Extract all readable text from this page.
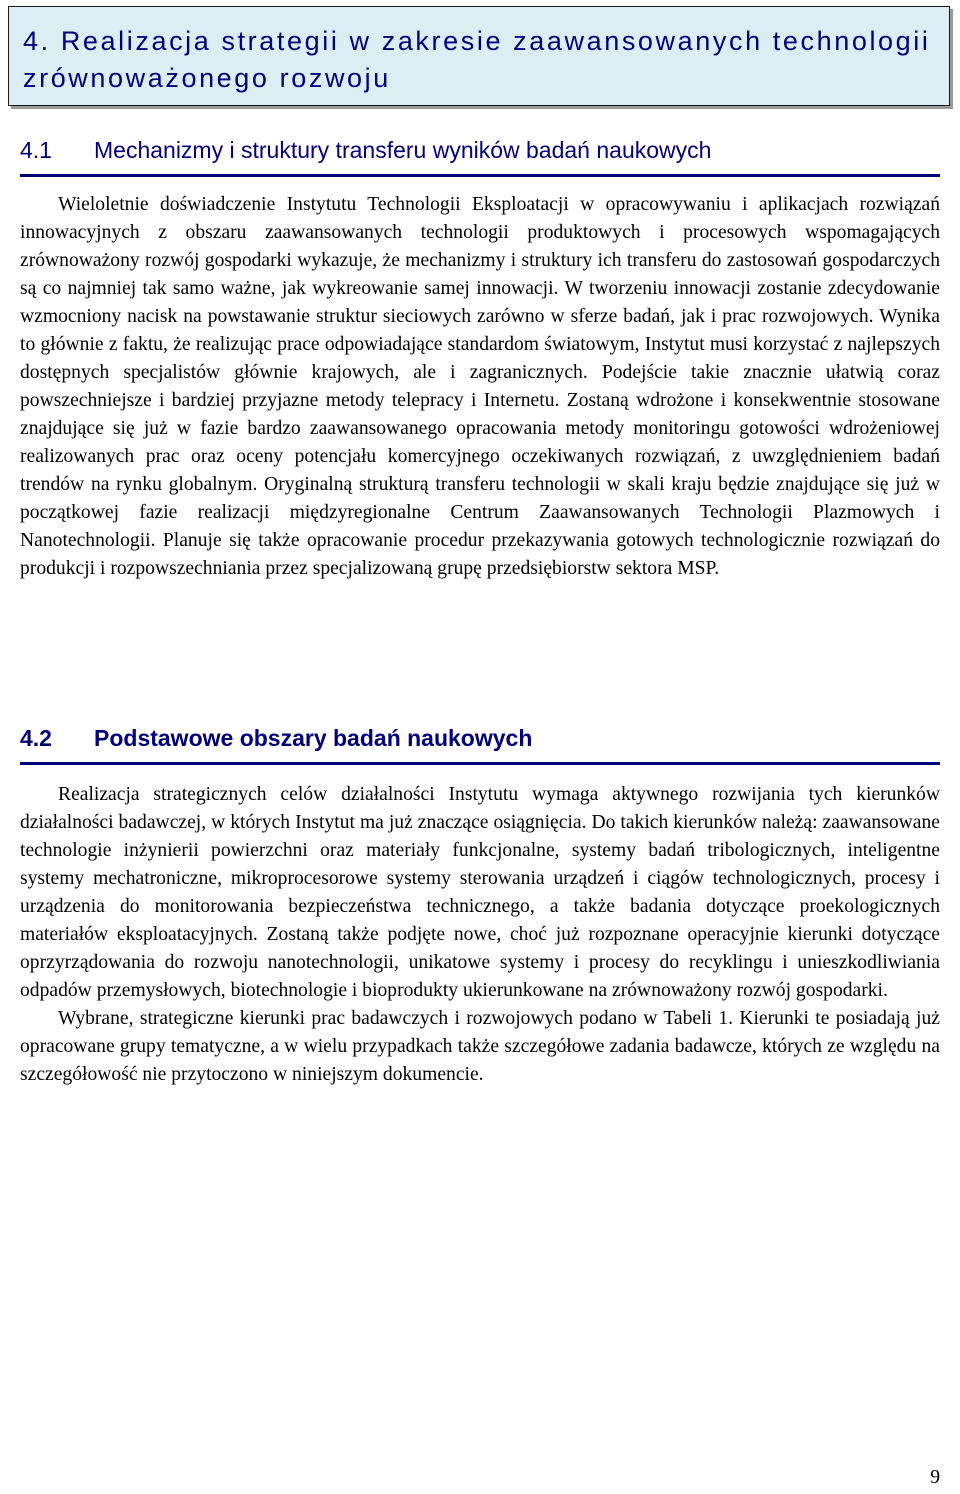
4. Realizacja strategii w zakresie zaawansowanych technologii zrównoważonego rozwoju
4.1	Mechanizmy i struktury transferu wyników badań naukowych

Wieloletnie doświadczenie Instytutu Technologii Eksploatacji w opracowywaniu i aplikacjach rozwiązań innowacyjnych z obszaru zaawansowanych technologii produktowych i procesowych wspomagających zrównoważony rozwój gospodarki wykazuje, że mechanizmy i struktury ich transferu do zastosowań gospodarczych są co najmniej tak samo ważne, jak wykreowanie samej innowacji. W tworzeniu innowacji zostanie zdecydowanie wzmocniony nacisk na powstawanie struktur sieciowych zarówno w sferze badań, jak i prac rozwojowych. Wynika to głównie z faktu, że realizując prace odpowiadające standardom światowym, Instytut musi korzystać z najlepszych dostępnych specjalistów głównie krajowych, ale i zagranicznych. Podejście takie znacznie ułatwią coraz powszechniejsze i bardziej przyjazne metody telepracy i Internetu. Zostaną wdrożone i konsekwentnie stosowane znajdujące się już w fazie bardzo zaawansowanego opracowania metody monitoringu gotowości wdrożeniowej realizowanych prac oraz oceny potencjału komercyjnego oczekiwanych rozwiązań, z uwzględnieniem badań trendów na rynku globalnym. Oryginalną strukturą transferu technologii w skali kraju będzie znajdujące się już w początkowej fazie realizacji międzyregionalne Centrum Zaawansowanych Technologii Plazmowych i Nanotechnologii. Planuje się także opracowanie procedur przekazywania gotowych technologicznie rozwiązań do produkcji i rozpowszechniania przez specjalizowaną grupę przedsiębiorstw sektora MSP.

4.2	Podstawowe obszary badań naukowych

Realizacja strategicznych celów działalności Instytutu wymaga aktywnego rozwijania tych kierunków działalności badawczej, w których Instytut ma już znaczące osiągnięcia. Do takich kierunków należą: zaawansowane technologie inżynierii powierzchni oraz materiały funkcjonalne, systemy badań tribologicznych, inteligentne systemy mechatroniczne, mikroprocesorowe systemy sterowania urządzeń i ciągów technologicznych, procesy i urządzenia do monitorowania bezpieczeństwa technicznego, a także badania dotyczące proekologicznych materiałów eksploatacyjnych. Zostaną także podjęte nowe, choć już rozpoznane operacyjnie kierunki dotyczące oprzyrządowania do rozwoju nanotechnologii, unikatowe systemy i procesy do recyklingu i unieszkodliwiania odpadów przemysłowych, biotechnologie i bioprodukty ukierunkowane na zrównoważony rozwój gospodarki.

Wybrane, strategiczne kierunki prac badawczych i rozwojowych podano w Tabeli 1. Kierunki te posiadają już opracowane grupy tematyczne, a w wielu przypadkach także szczegółowe zadania badawcze, których ze względu na szczegółowość nie przytoczono w niniejszym dokumencie.

9
